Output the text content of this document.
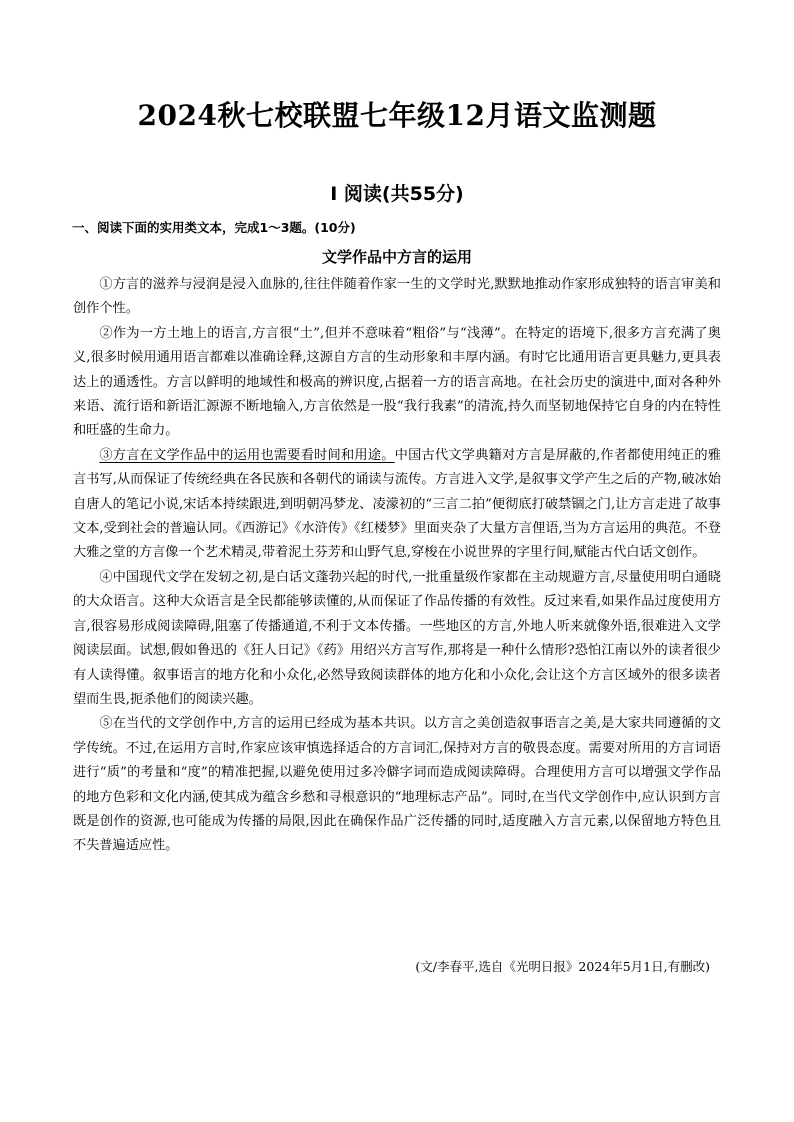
2024秋七校联盟七年级12月语文监测题
Ⅰ 阅读(共55分)
一、阅读下面的实用类文本，完成1～3题。(10分)
文学作品中方言的运用

①方言的滋养与浸润是浸入血脉的,往往伴随着作家一生的文学时光,默默地推动作家形成独特的语言审美和创作个性。

②作为一方土地上的语言,方言很“土”,但并不意味着“粗俗”与“浅薄”。在特定的语境下,很多方言充满了奥义,很多时候用通用语言都难以准确诠释,这源自方言的生动形象和丰厚内涵。有时它比通用语言更具魅力,更具表达上的通透性。方言以鲜明的地域性和极高的辨识度,占据着一方的语言高地。在社会历史的演进中,面对各种外来语、流行语和新语汇源源不断地输入,方言依然是一股“我行我素”的清流,持久而坚韧地保持它自身的内在特性和旺盛的生命力。

③方言在文学作品中的运用也需要看时间和用途。中国古代文学典籍对方言是屏蔽的,作者都使用纯正的雅言书写,从而保证了传统经典在各民族和各朝代的诵读与流传。方言进入文学,是叙事文学产生之后的产物,破冰始自唐人的笔记小说,宋话本持续跟进,到明朝冯梦龙、凌濛初的“三言二拍”便彻底打破禁锢之门,让方言走进了故事文本,受到社会的普遍认同。《西游记》《水浒传》《红楼梦》里面夹杂了大量方言俚语,当为方言运用的典范。不登大雅之堂的方言像一个艺术精灵,带着泥土芬芳和山野气息,穿梭在小说世界的字里行间,赋能古代白话文创作。

④中国现代文学在发轫之初,是白话文蓬勃兴起的时代,一批重量级作家都在主动规避方言,尽量使用明白通晓的大众语言。这种大众语言是全民都能够读懂的,从而保证了作品传播的有效性。反过来看,如果作品过度使用方言,很容易形成阅读障碍,阻塞了传播通道,不利于文本传播。一些地区的方言,外地人听来就像外语,很难进入文学阅读层面。试想,假如鲁迅的《狂人日记》《药》用绍兴方言写作,那将是一种什么情形?恐怕江南以外的读者很少有人读得懂。叙事语言的地方化和小众化,必然导致阅读群体的地方化和小众化,会让这个方言区域外的很多读者望而生畏,扼杀他们的阅读兴趣。

⑤在当代的文学创作中,方言的运用已经成为基本共识。以方言之美创造叙事语言之美,是大家共同遵循的文学传统。不过,在运用方言时,作家应该审慎选择适合的方言词汇,保持对方言的敬畏态度。需要对所用的方言词语进行“质”的考量和“度”的精准把握,以避免使用过多冷僻字词而造成阅读障碍。合理使用方言可以增强文学作品的地方色彩和文化内涵,使其成为蕴含乡愁和寻根意识的“地理标志产品”。同时,在当代文学创作中,应认识到方言既是创作的资源,也可能成为传播的局限,因此在确保作品广泛传播的同时,适度融入方言元素,以保留地方特色且不失普遍适应性。

(文/李春平,选自《光明日报》2024年5月1日,有删改)
